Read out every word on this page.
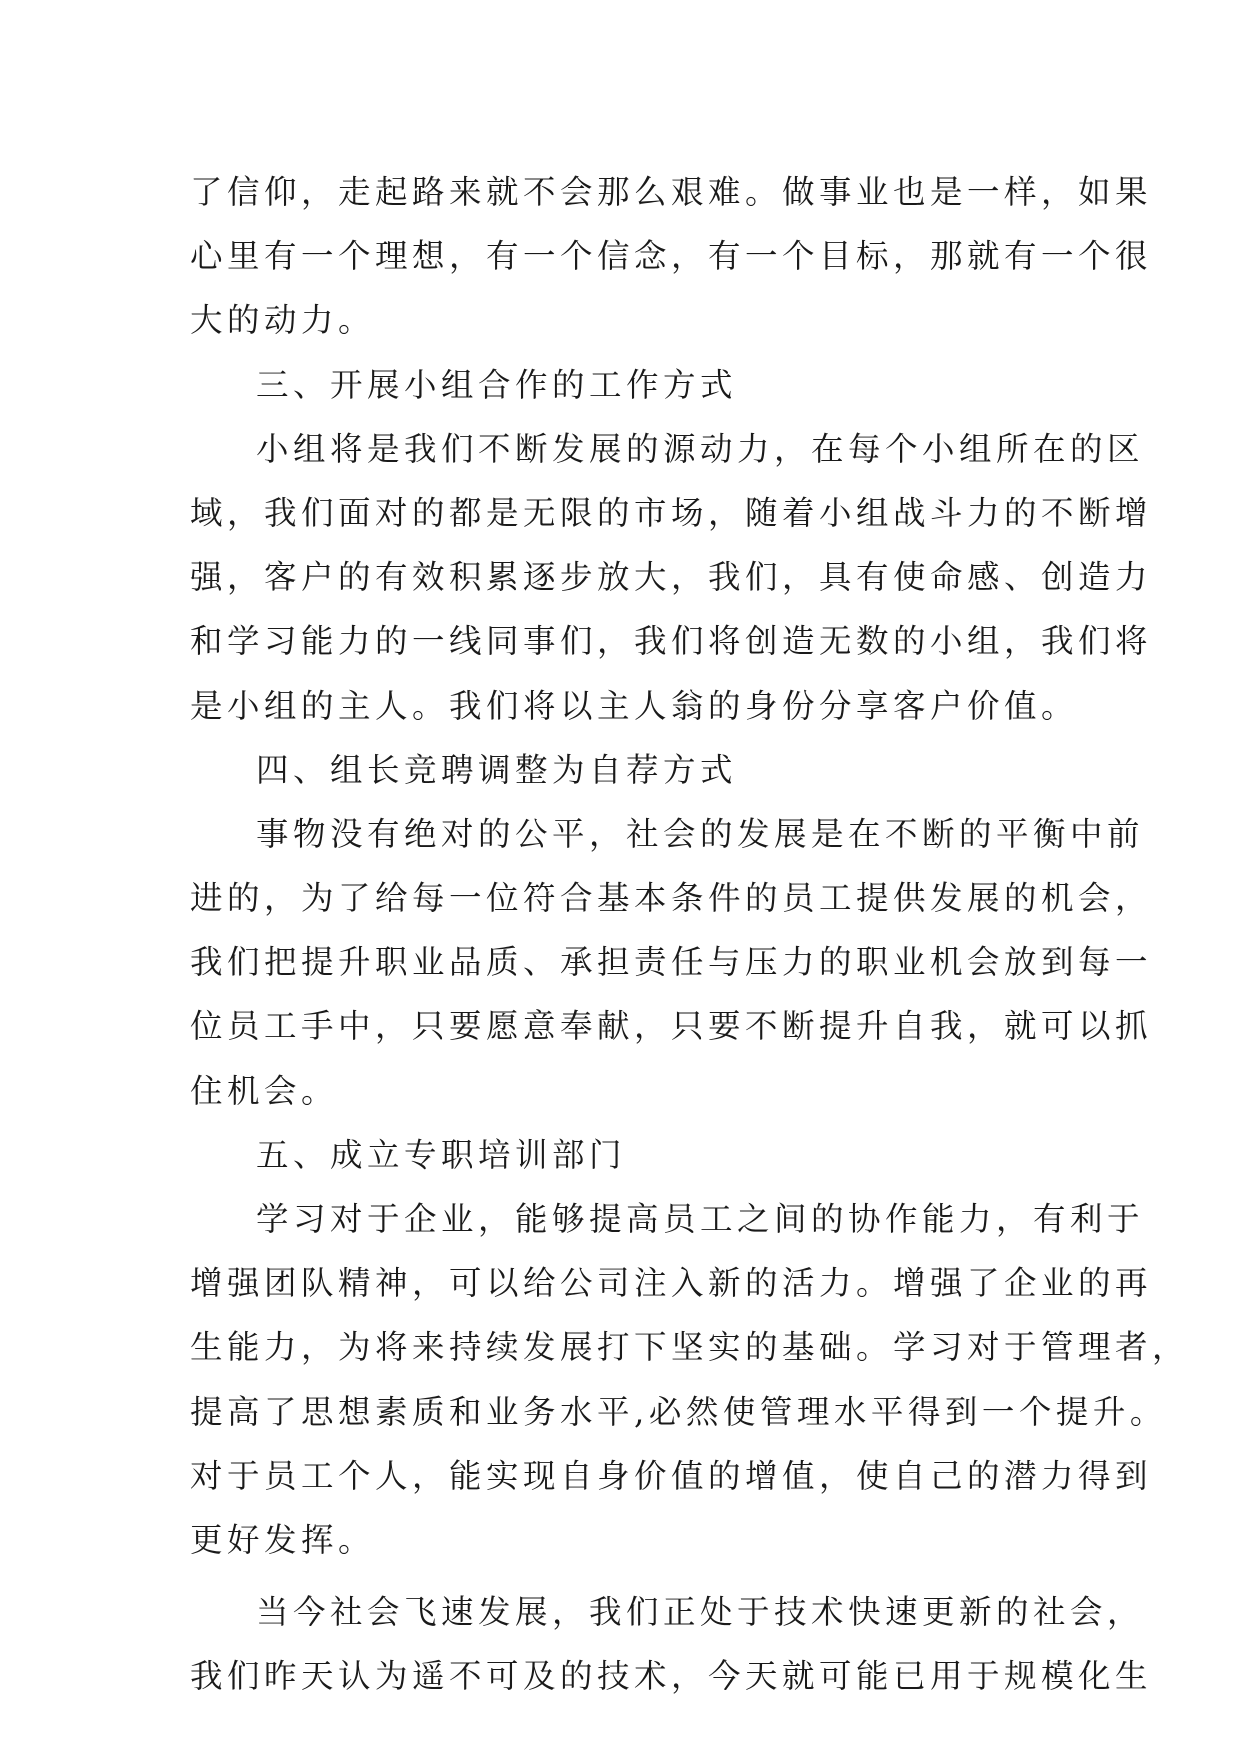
了信仰，走起路来就不会那么艰难。做事业也是一样，如果
心里有一个理想，有一个信念，有一个目标，那就有一个很
大的动力。
三、开展小组合作的工作方式
小组将是我们不断发展的源动力，在每个小组所在的区
域，我们面对的都是无限的市场，随着小组战斗力的不断增
强，客户的有效积累逐步放大，我们，具有使命感、创造力
和学习能力的一线同事们，我们将创造无数的小组，我们将
是小组的主人。我们将以主人翁的身份分享客户价值。
四、组长竞聘调整为自荐方式
事物没有绝对的公平，社会的发展是在不断的平衡中前
进的，为了给每一位符合基本条件的员工提供发展的机会，
我们把提升职业品质、承担责任与压力的职业机会放到每一
位员工手中，只要愿意奉献，只要不断提升自我，就可以抓
住机会。
五、成立专职培训部门
学习对于企业，能够提高员工之间的协作能力，有利于
增强团队精神，可以给公司注入新的活力。增强了企业的再
生能力，为将来持续发展打下坚实的基础。学习对于管理者，
提高了思想素质和业务水平,必然使管理水平得到一个提升。
对于员工个人，能实现自身价值的增值，使自己的潜力得到
更好发挥。
当今社会飞速发展，我们正处于技术快速更新的社会，
我们昨天认为遥不可及的技术，今天就可能已用于规模化生
